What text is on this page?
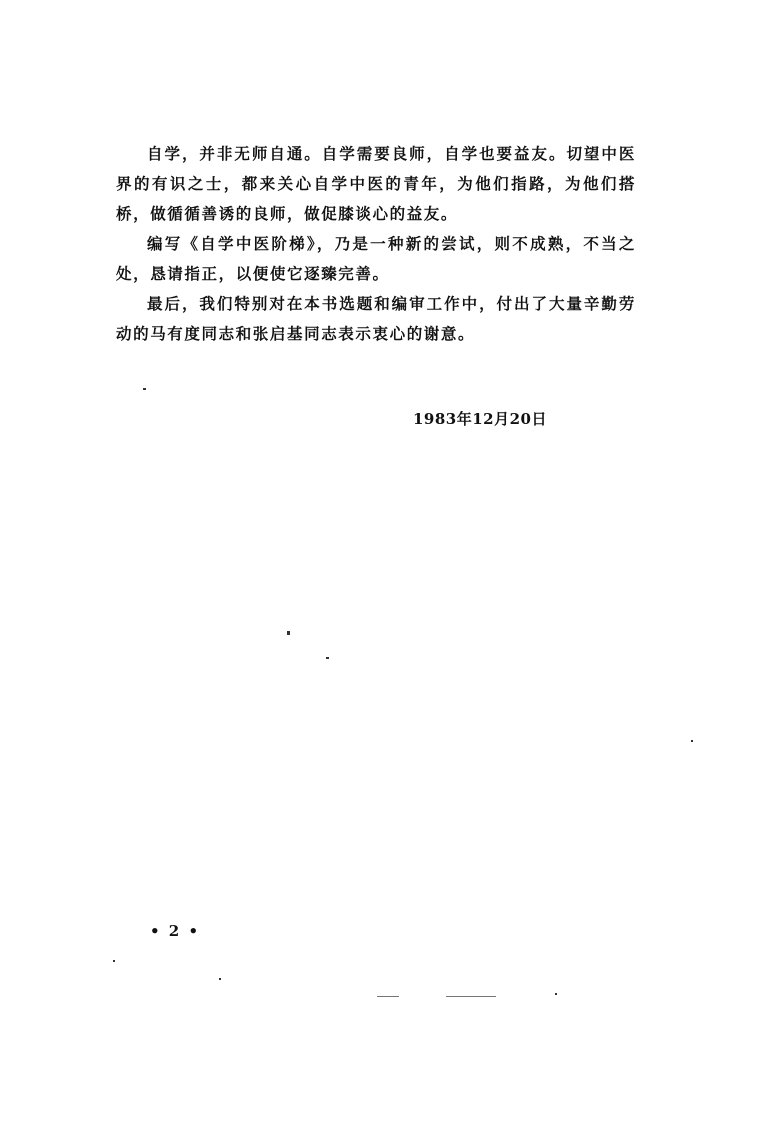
自学，并非无师自通。自学需要良师，自学也要益友。切望中医界的有识之士，都来关心自学中医的青年，为他们指路，为他们搭桥，做循循善诱的良师，做促膝谈心的益友。

编写《自学中医阶梯》，乃是一种新的尝试，则不成熟，不当之处，恳请指正，以便使它逐臻完善。

最后，我们特别对在本书选题和编审工作中，付出了大量辛勤劳动的马有度同志和张启基同志表示衷心的谢意。

1983年12月20日
• 2 •
